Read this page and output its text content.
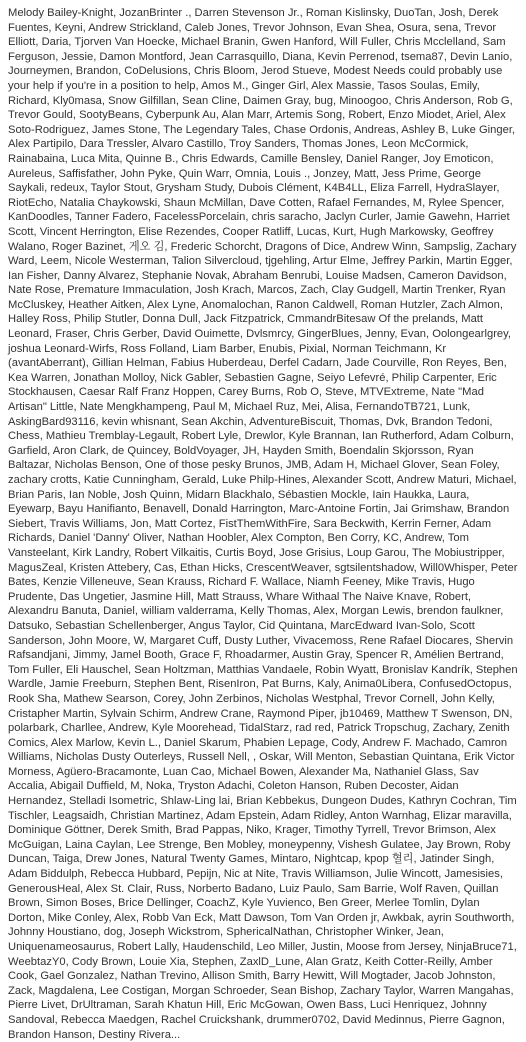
Melody Bailey-Knight, JozanBrinter ., Darren Stevenson Jr., Roman Kislinsky, DuoTan, Josh, Derek Fuentes, Keyni, Andrew Strickland, Caleb Jones, Trevor Johnson, Evan Shea, Osura, sena, Trevor Elliott, Daria, Tjorven Van Hoecke, Michael Branin, Gwen Hanford, Will Fuller, Chris Mcclelland, Sam Ferguson, Jessie, Damon Montford, Jean Carrasquillo, Diana, Kevin Perrenod, tsema87, Devin Lanio, Journeymen, Brandon, CoDelusions, Chris Bloom, Jerod Stueve, Modest Needs could probably use your help if you're in a position to help, Amos M., Ginger Girl, Alex Massie, Tasos Soulas, Emily, Richard, Kly0masa, Snow Gilfillan, Sean Cline, Daimen Gray, bug, Minoogoo, Chris Anderson, Rob G, Trevor Gould, SootyBeans, Cyberpunk Au, Alan Marr, Artemis Song, Robert, Enzo Miodet, Ariel, Alex Soto-Rodriguez, James Stone, The Legendary Tales, Chase Ordonis, Andreas, Ashley B, Luke Ginger, Alex Partipilo, Dara Tressler, Alvaro Castillo, Troy Sanders, Thomas Jones, Leon McCormick, Rainabaina, Luca Mita, Quinne B., Chris Edwards, Camille Bensley, Daniel Ranger, Joy Emoticon, Aureleus, Saffisfather, John Pyke, Quin Warr, Omnia, Louis ., Jonzey, Matt, Jess Prime, George Saykali, redeux, Taylor Stout, Grysham Study, Dubois Clément, K4B4LL, Eliza Farrell, HydraSlayer, RiotEcho, Natalia Chaykowski, Shaun McMillan, Dave Cotten, Rafael Fernandes, M, Rylee Spencer, KanDoodles, Tanner Fadero, FacelessPorcelain, chris saracho, Jaclyn Curler, Jamie Gawehn, Harriet Scott, Vincent Herrington, Elise Rezendes, Cooper Ratliff, Lucas, Kurt, Hugh Markowsky, Geoffrey Walano, Roger Bazinet, 게오 김, Frederic Schorcht, Dragons of Dice, Andrew Winn, Sampslig, Zachary Ward, Leem, Nicole Westerman, Talion Silvercloud, tjgehling, Artur Elme, Jeffrey Parkin, Martin Egger, Ian Fisher, Danny Alvarez, Stephanie Novak, Abraham Benrubi, Louise Madsen, Cameron Davidson, Nate Rose, Premature Immaculation, Josh Krach, Marcos, Zach, Clay Gudgell, Martin Trenker, Ryan McCluskey, Heather Aitken, Alex Lyne, Anomalochan, Ranon Caldwell, Roman Hutzler, Zach Almon, Halley Ross, Philip Stutler, Donna Dull, Jack Fitzpatrick, CmmandrBitesaw Of the prelands, Matt Leonard, Fraser, Chris Gerber, David Ouimette, Dvlsmrcy, GingerBlues, Jenny, Evan, Oolongearlgrey, joshua Leonard-Wirfs, Ross Folland, Liam Barber, Enubis, Pixial, Norman Teichmann, Kr (avantAberrant), Gillian Helman, Fabius Huberdeau, Derfel Cadarn, Jade Courville, Ron Reyes, Ben, Kea Warren, Jonathan Molloy, Nick Gabler, Sebastien Gagne, Seiyo Lefevré, Philip Carpenter, Eric Stockhausen, Caesar Ralf Franz Hoppen, Carey Burns, Rob O, Steve, MTVExtreme, Nate "Mad Artisan" Little, Nate Mengkhampeng, Paul M, Michael Ruz, Mei, Alisa, FernandoTB721, Lunk, AskingBard93116, kevin whisnant, Sean Akchin, AdventureBiscuit, Thomas, Dvk, Brandon Tedoni, Chess, Mathieu Tremblay-Legault, Robert Lyle, Drewlor, Kyle Brannan, Ian Rutherford, Adam Colburn, Garfield, Aron Clark, de Quincey, BoldVoyager, JH, Hayden Smith, Boendalin Skjorsson, Ryan Baltazar, Nicholas Benson, One of those pesky Brunos, JMB, Adam H, Michael Glover, Sean Foley, zachary crotts, Katie Cunningham, Gerald, Luke Philp-Hines, Alexander Scott, Andrew Maturi, Michael, Brian Paris, Ian Noble, Josh Quinn, Midarn Blackhalo, Sébastien Mockle, Iain Haukka, Laura, Eyewarp, Bayu Hanifianto, Benavell, Donald Harrington, Marc-Antoine Fortin, Jai Grimshaw, Brandon Siebert, Travis Williams, Jon, Matt Cortez, FistThemWithFire, Sara Beckwith, Kerrin Ferner, Adam Richards, Daniel 'Danny' Oliver, Nathan Hoobler, Alex Compton, Ben Corry, KC, Andrew, Tom Vansteelant, Kirk Landry, Robert Vilkaitis, Curtis Boyd, Jose Grisius, Loup Garou, The Mobiustripper, MagusZeal, Kristen Attebery, Cas, Ethan Hicks, CrescentWeaver, sgtsilentshadow, Will0Whisper, Peter Bates, Kenzie Villeneuve, Sean Krauss, Richard F. Wallace, Niamh Feeney, Mike Travis, Hugo Prudente, Das Ungetier, Jasmine Hill, Matt Strauss, Whare Withaal The Naive Knave, Robert, Alexandru Banuta, Daniel, william valderrama, Kelly Thomas, Alex, Morgan Lewis, brendon faulkner, Datsuko, Sebastian Schellenberger, Angus Taylor, Cid Quintana, MarcEdward Ivan-Solo, Scott Sanderson, John Moore, W, Margaret Cuff, Dusty Luther, Vivacemoss, Rene Rafael Diocares, Shervin Rafsandjani, Jimmy, Jamel Booth, Grace F, Rhoadarmer, Austin Gray, Spencer R, Amélien Bertrand, Tom Fuller, Eli Hauschel, Sean Holtzman, Matthias Vandaele, Robin Wyatt, Bronislav Kandrík, Stephen Wardle, Jamie Freeburn, Stephen Bent, RisenIron, Pat Burns, Kaly, Anima0Libera, ConfusedOctopus, Rook Sha, Mathew Searson, Corey, John Zerbinos, Nicholas Westphal, Trevor Cornell, John Kelly, Cristapher Martin, Sylvain Schirm, Andrew Crane, Raymond Piper, jb10469, Matthew T Swenson, DN, polarbark, Charllee, Andrew, Kyle Moorehead, TidalStarz, rad red, Patrick Tropschug, Zachary, Zenith Comics, Alex Marlow, Kevin L., Daniel Skarum, Phabien Lepage, Cody, Andrew F. Machado, Camron Williams, Nicholas Dusty Outerleys, Russell Nell, , Oskar, Will Menton, Sebastian Quintana, Erik Victor Morness, Agüero-Bracamonte, Luan Cao, Michael Bowen, Alexander Ma, Nathaniel Glass, Sav Accalia, Abigail Duffield, M, Noka, Tryston Adachi, Coleton Hanson, Ruben Decoster, Aidan Hernandez, Stelladi Isometric, Shlaw-Ling lai, Brian Kebbekus, Dungeon Dudes, Kathryn Cochran, Tim Tischler, Leagsaidh, Christian Martinez, Adam Epstein, Adam Ridley, Anton Warnhag, Elizar maravilla, Dominique Göttner, Derek Smith, Brad Pappas, Niko, Krager, Timothy Tyrrell, Trevor Brimson, Alex McGuigan, Laina Caylan, Lee Strenge, Ben Mobley, moneypenny, Vishesh Gulatee, Jay Brown, Roby Duncan, Taiga, Drew Jones, Natural Twenty Games, Mintaro, Nightcap, kpop 혈리, Jatinder Singh, Adam Biddulph, Rebecca Hubbard, Pepijn, Nic at Nite, Travis Williamson, Julie Wincott, Jamesisies, GenerousHeal, Alex St. Clair, Russ, Norberto Badano, Luiz Paulo, Sam Barrie, Wolf Raven, Quillan Brown, Simon Boses, Brice Dellinger, CoachZ, Kyle Yuvienco, Ben Greer, Merlee Tomlin, Dylan Dorton, Mike Conley, Alex, Robb Van Eck, Matt Dawson, Tom Van Orden jr, Awkbak, ayrin Southworth, Johnny Houstiano, dog, Joseph Wickstrom, SphericalNathan, Christopher Winker, Jean, Uniquenameosaurus, Robert Lally, Haudenschild, Leo Miller, Justin, Moose from Jersey, NinjaBruce71, WeebtazY0, Cody Brown, Louie Xia, Stephen, ZaxlD_Lune, Alan Gratz, Keith Cotter-Reilly, Amber Cook, Gael Gonzalez, Nathan Trevino, Allison Smith, Barry Hewitt, Will Mogtader, Jacob Johnston, Zack, Magdalena, Lee Costigan, Morgan Schroeder, Sean Bishop, Zachary Taylor, Warren Mangahas, Pierre Livet, DrUltraman, Sarah Khatun Hill, Eric McGowan, Owen Bass, Luci Henriquez, Johnny Sandoval, Rebecca Maedgen, Rachel Cruickshank, drummer0702, David Medinnus, Pierre Gagnon, Brandon Hanson, Destiny Rivera...
